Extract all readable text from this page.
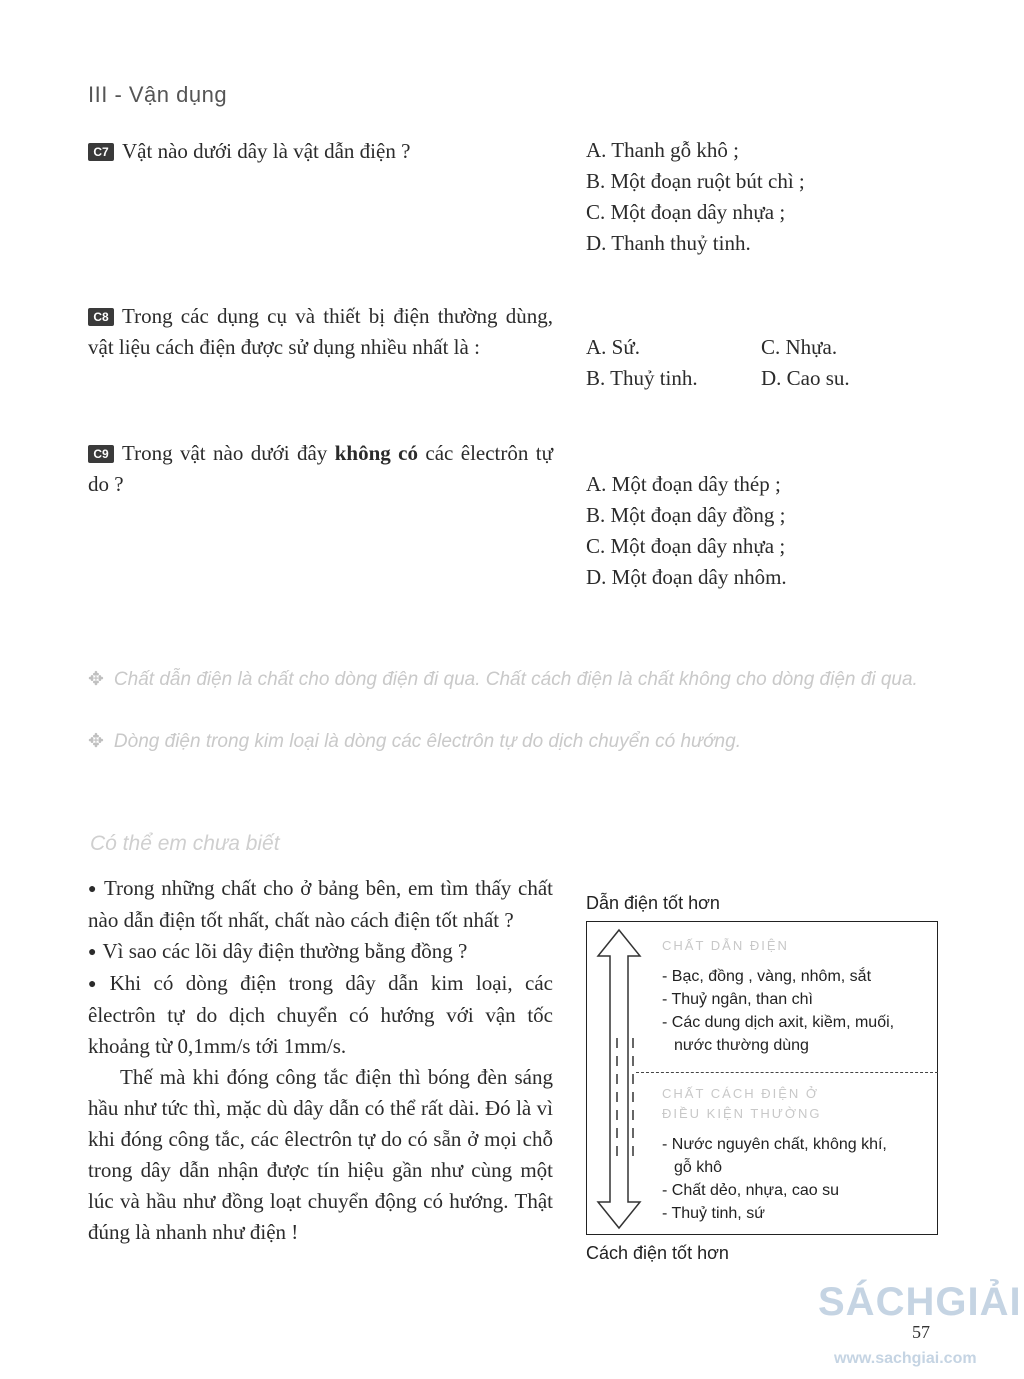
III - Vận dụng
C7 Vật nào dưới dây là vật dẫn điện ?	A. Thanh gỗ khô ;
B. Một đoạn ruột bút chì ;
C. Một đoạn dây nhựa ;
D. Thanh thuỷ tinh.
C8 Trong các dụng cụ và thiết bị điện thường dùng, vật liệu cách điện được sử dụng nhiều nhất là :	A. Sứ.	C. Nhựa.
B. Thuỷ tinh.	D. Cao su.
C9 Trong vật nào dưới đây không có các êlectrôn tự do ?	A. Một đoạn dây thép ;
B. Một đoạn dây đồng ;
C. Một đoạn dây nhựa ;
D. Một đoạn dây nhôm.
✥ Chất dẫn điện là chất cho dòng điện đi qua. Chất cách điện là chất không cho dòng điện đi qua.
✥ Dòng điện trong kim loại là dòng các êlectrôn tự do dịch chuyển có hướng.
Có thể em chưa biết

● Trong những chất cho ở bảng bên, em tìm thấy chất nào dẫn điện tốt nhất, chất nào cách điện tốt nhất ?

● Vì sao các lõi dây điện thường bằng đồng ?

● Khi có dòng điện trong dây dẫn kim loại, các êlectrôn tự do dịch chuyển có hướng với vận tốc khoảng từ 0,1mm/s tới 1mm/s.

Thế mà khi đóng công tắc điện thì bóng đèn sáng hầu như tức thì, mặc dù dây dẫn có thể rất dài. Đó là vì khi đóng công tắc, các êlectrôn tự do có sẵn ở mọi chỗ trong dây dẫn nhận được tín hiệu gần như cùng một lúc và hầu như đồng loạt chuyển động có hướng. Thật đúng là nhanh như điện !

Dẫn điện tốt hơn
CHẤT DẪN ĐIỆN
- Bạc, đồng , vàng, nhôm, sắt
- Thuỷ ngân, than chì
- Các dung dịch axit, kiềm, muối,
nước thường dùng
CHẤT CÁCH ĐIỆN Ở
ĐIỀU KIỆN THƯỜNG
- Nước nguyên chất, không khí,
gỗ khô
- Chất dẻo, nhựa, cao su
- Thuỷ tinh, sứ
Cách điện tốt hơn
SÁCHGIẢI
57
www.sachgiai.com
